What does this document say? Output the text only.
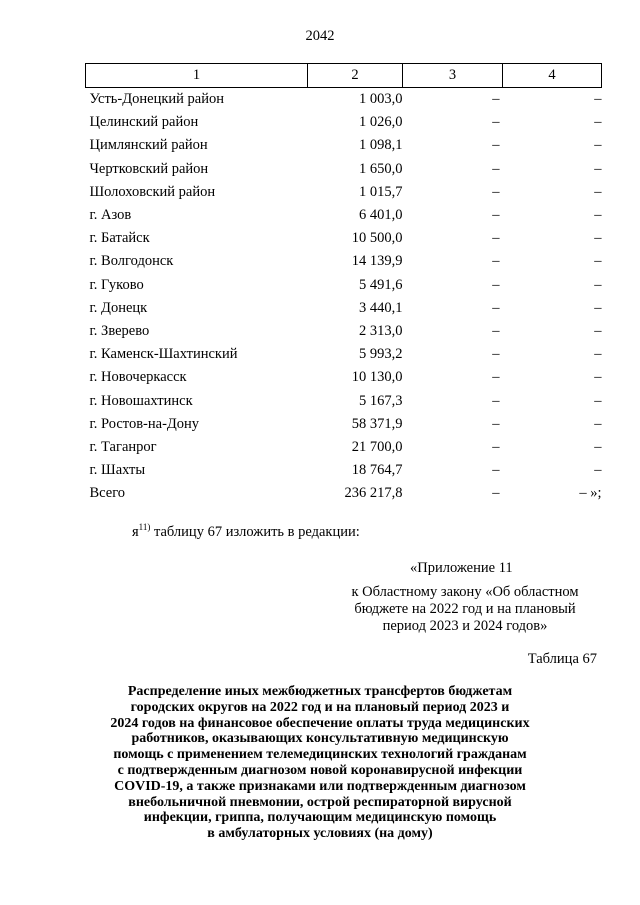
2042
1	2	3	4
Усть-Донецкий район	1 003,0	–	–
Целинский район	1 026,0	–	–
Цимлянский район	1 098,1	–	–
Чертковский район	1 650,0	–	–
Шолоховский район	1 015,7	–	–
г. Азов	6 401,0	–	–
г. Батайск	10 500,0	–	–
г. Волгодонск	14 139,9	–	–
г. Гуково	5 491,6	–	–
г. Донецк	3 440,1	–	–
г. Зверево	2 313,0	–	–
г. Каменск-Шахтинский	5 993,2	–	–
г. Новочеркасск	10 130,0	–	–
г. Новошахтинск	5 167,3	–	–
г. Ростов-на-Дону	58 371,9	–	–
г. Таганрог	21 700,0	–	–
г. Шахты	18 764,7	–	–
Всего	236 217,8	–	– »;
$я^{11)}$ таблицу 67 изложить в редакции:
«Приложение 11
к Областному закону «Об областном
бюджете на 2022 год и на плановый
период 2023 и 2024 годов»
Таблица 67
Распределение иных межбюджетных трансфертов бюджетам
городских округов на 2022 год и на плановый период 2023 и
2024 годов на финансовое обеспечение оплаты труда медицинских
работников, оказывающих консультативную медицинскую
помощь с применением телемедицинских технологий гражданам
с подтвержденным диагнозом новой коронавирусной инфекции
COVID-19, а также признаками или подтвержденным диагнозом
внебольничной пневмонии, острой респираторной вирусной
инфекции, гриппа, получающим медицинскую помощь
в амбулаторных условиях (на дому)
